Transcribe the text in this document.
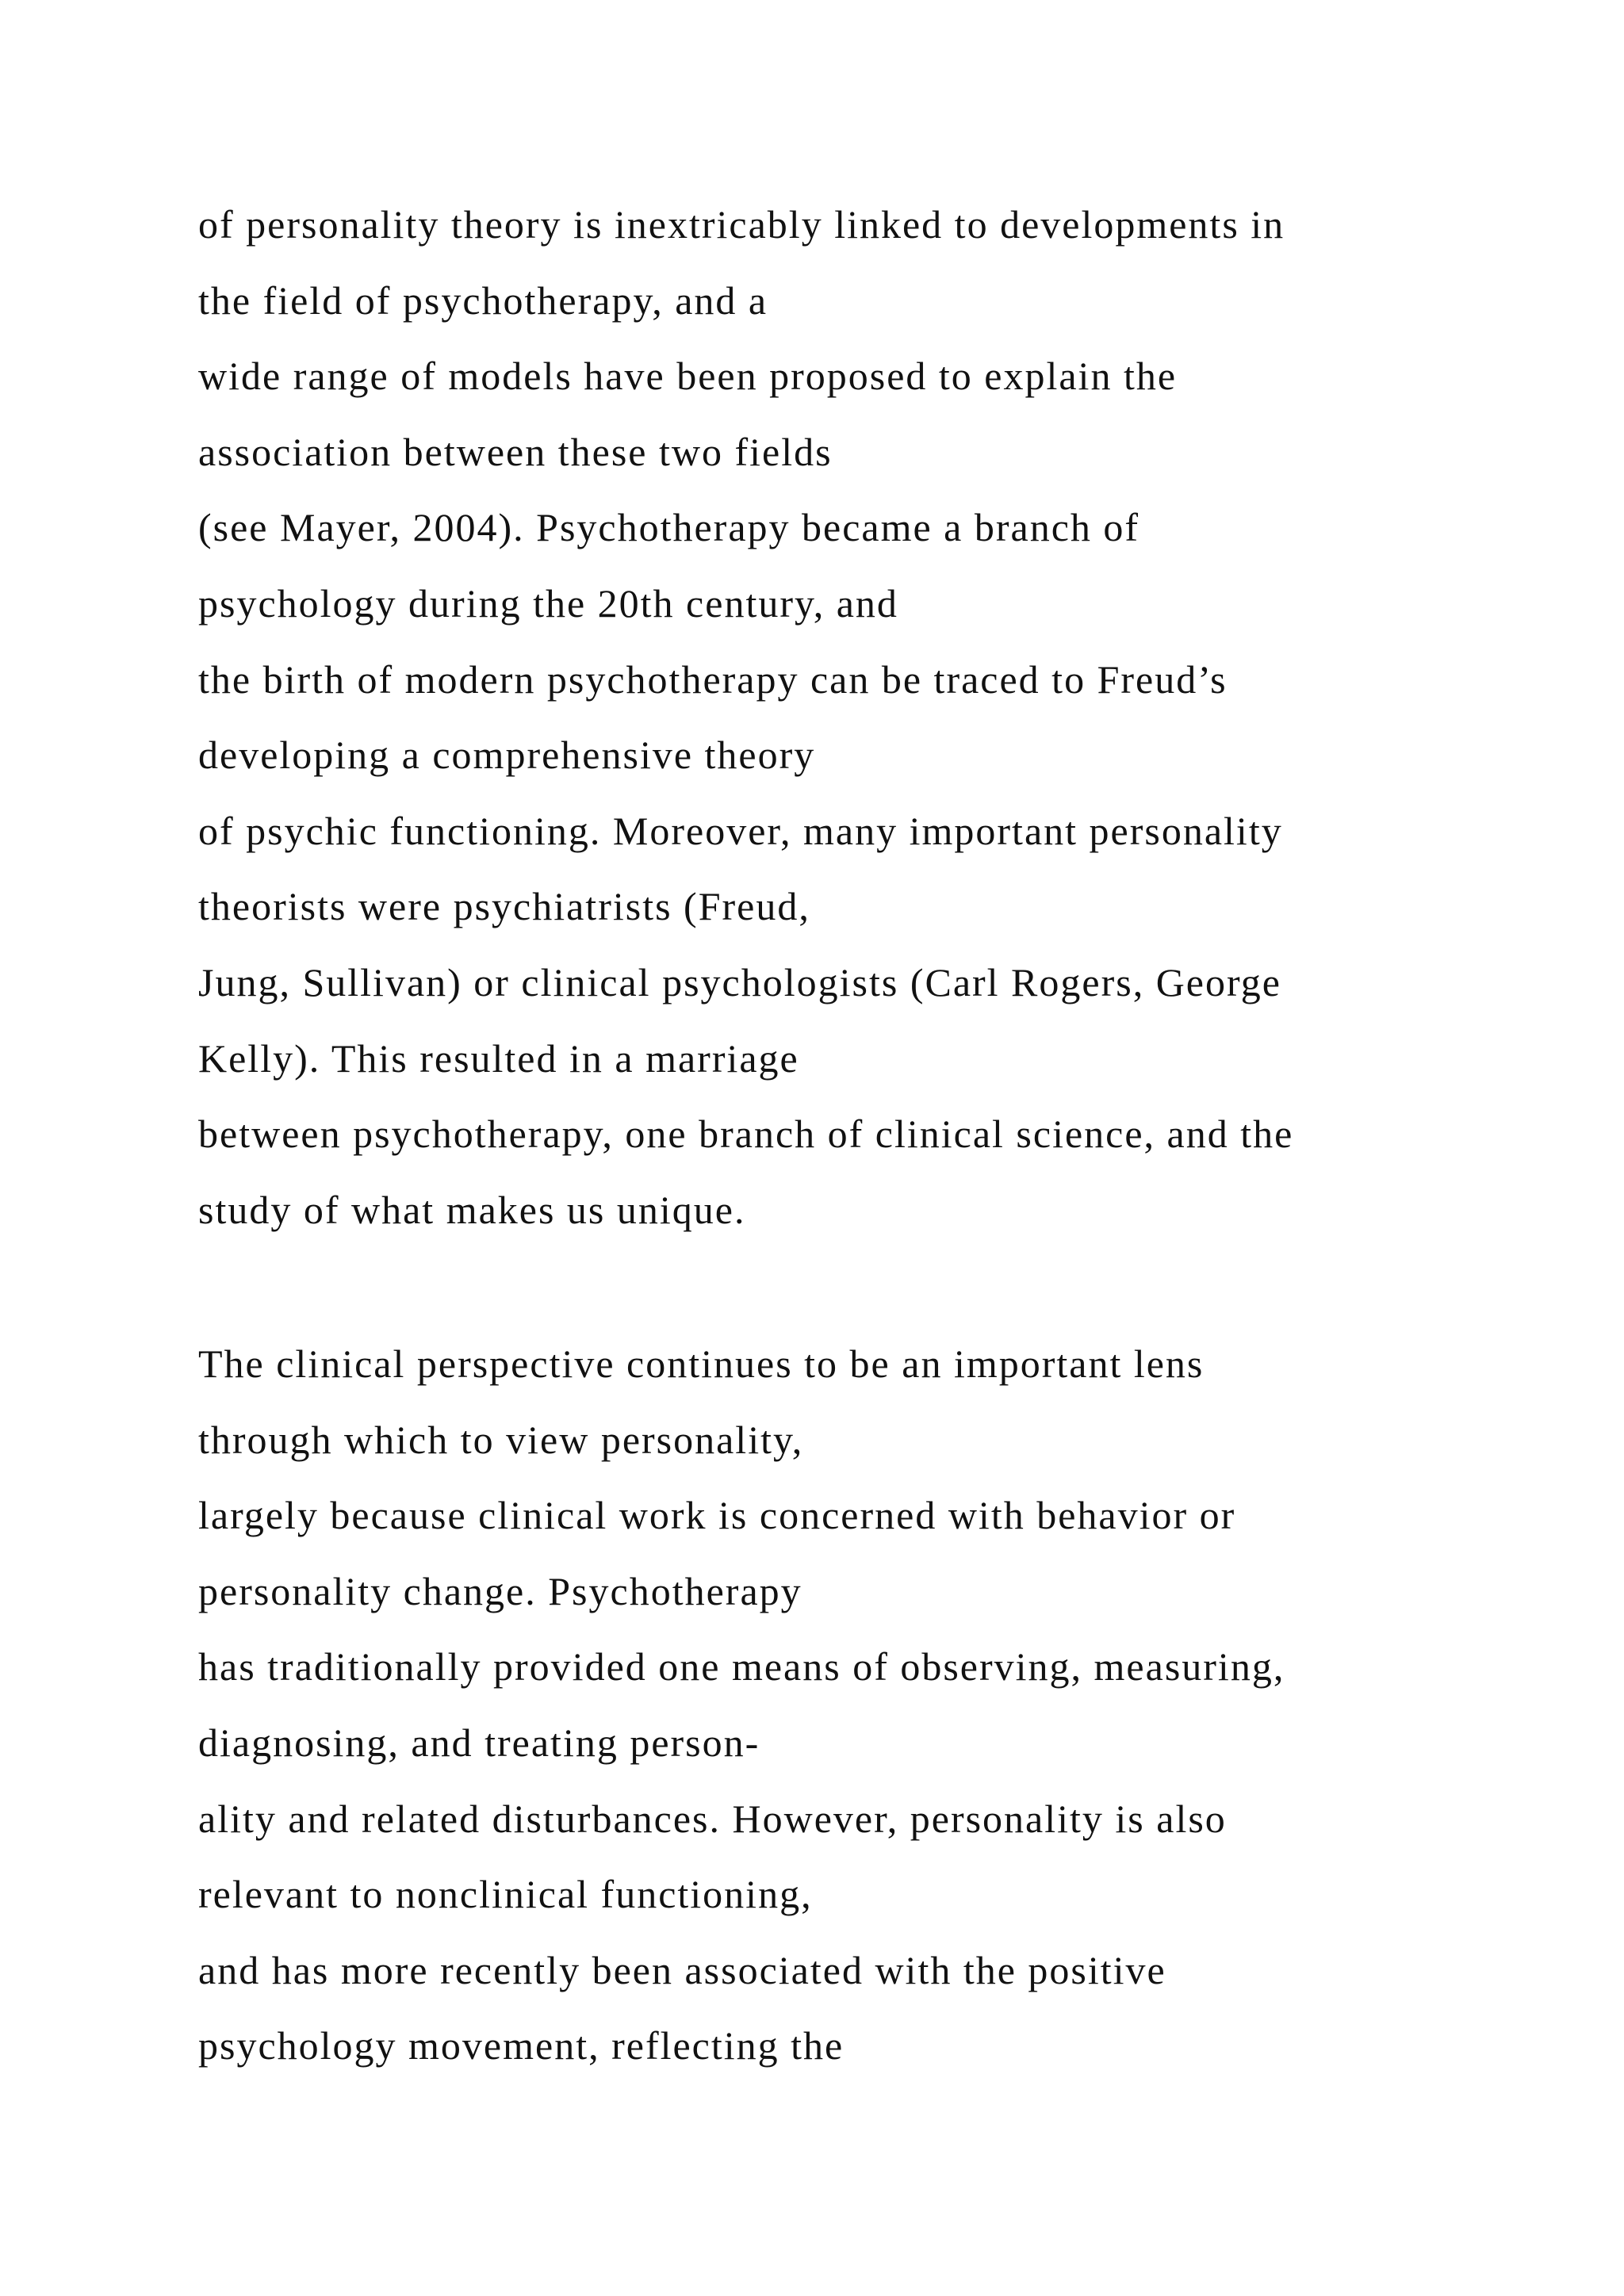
of personality theory is inextricably linked to developments in
the field of psychotherapy, and a
wide range of models have been proposed to explain the
association between these two fields
(see Mayer, 2004). Psychotherapy became a branch of
psychology during the 20th century, and
the birth of modern psychotherapy can be traced to Freud’s
developing a comprehensive theory
of psychic functioning. Moreover, many important personality
theorists were psychiatrists (Freud,
Jung, Sullivan) or clinical psychologists (Carl Rogers, George
Kelly). This resulted in a marriage
between psychotherapy, one branch of clinical science, and the
study of what makes us unique.

The clinical perspective continues to be an important lens
through which to view personality,
largely because clinical work is concerned with behavior or
personality change. Psychotherapy
has traditionally provided one means of observing, measuring,
diagnosing, and treating person-
ality and related disturbances. However, personality is also
relevant to nonclinical functioning,
and has more recently been associated with the positive
psychology movement, reflecting the
